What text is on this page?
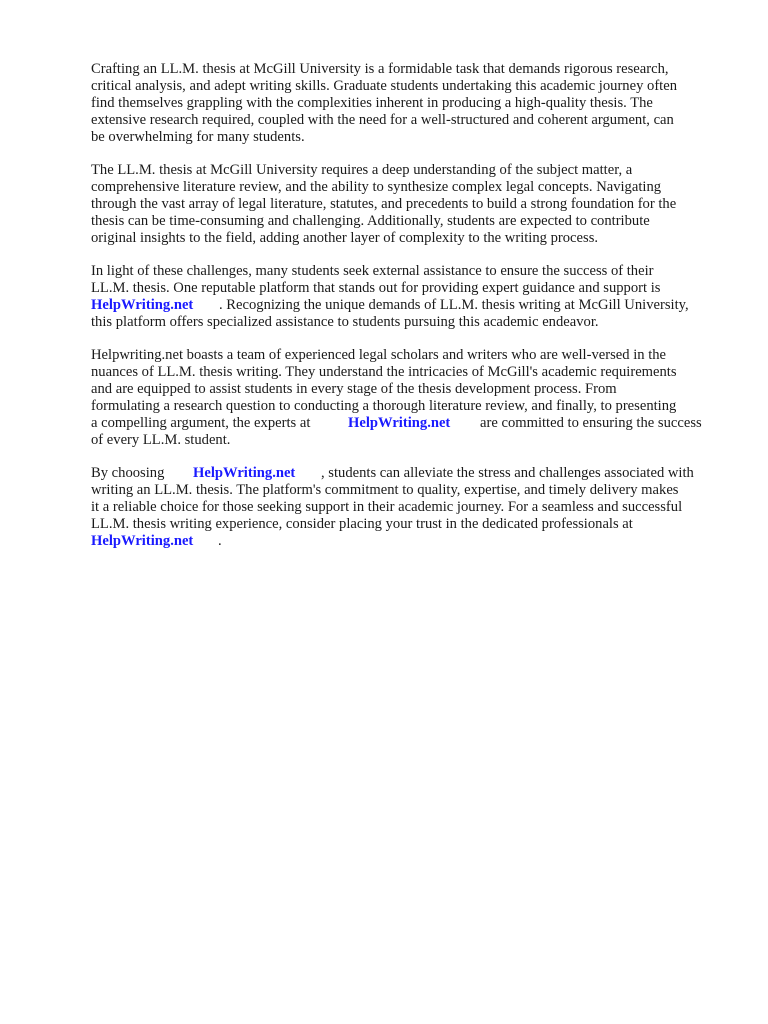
Crafting an LL.M. thesis at McGill University is a formidable task that demands rigorous research,
critical analysis, and adept writing skills. Graduate students undertaking this academic journey often
find themselves grappling with the complexities inherent in producing a high-quality thesis. The
extensive research required, coupled with the need for a well-structured and coherent argument, can
be overwhelming for many students.
The LL.M. thesis at McGill University requires a deep understanding of the subject matter, a
comprehensive literature review, and the ability to synthesize complex legal concepts. Navigating
through the vast array of legal literature, statutes, and precedents to build a strong foundation for the
thesis can be time-consuming and challenging. Additionally, students are expected to contribute
original insights to the field, adding another layer of complexity to the writing process.
In light of these challenges, many students seek external assistance to ensure the success of their
LL.M. thesis. One reputable platform that stands out for providing expert guidance and support is
HelpWriting.net . Recognizing the unique demands of LL.M. thesis writing at McGill University,
this platform offers specialized assistance to students pursuing this academic endeavor.
Helpwriting.net boasts a team of experienced legal scholars and writers who are well-versed in the
nuances of LL.M. thesis writing. They understand the intricacies of McGill's academic requirements
and are equipped to assist students in every stage of the thesis development process. From
formulating a research question to conducting a thorough literature review, and finally, to presenting
a compelling argument, the experts at	HelpWriting.net are committed to ensuring the success
of every LL.M. student.
By choosing HelpWriting.net , students can alleviate the stress and challenges associated with
writing an LL.M. thesis. The platform's commitment to quality, expertise, and timely delivery makes
it a reliable choice for those seeking support in their academic journey. For a seamless and successful
LL.M. thesis writing experience, consider placing your trust in the dedicated professionals at
HelpWriting.net .
